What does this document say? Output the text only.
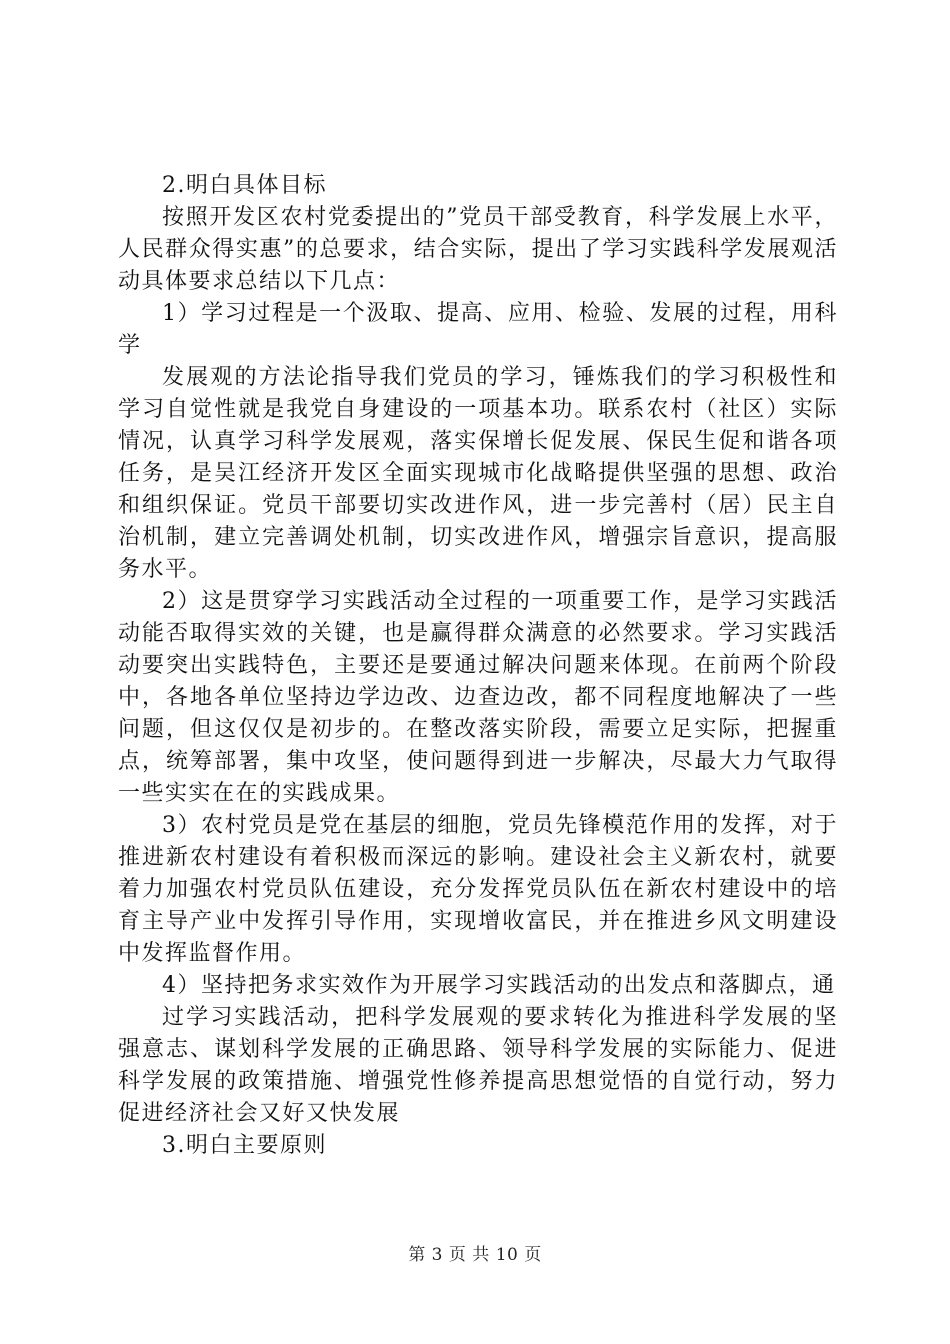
2.明白具体目标

按照开发区农村党委提出的”党员干部受教育，科学发展上水平，人民群众得实惠”的总要求，结合实际，提出了学习实践科学发展观活动具体要求总结以下几点：

1）学习过程是一个汲取、提高、应用、检验、发展的过程，用科学

发展观的方法论指导我们党员的学习，锤炼我们的学习积极性和学习自觉性就是我党自身建设的一项基本功。联系农村（社区）实际情况，认真学习科学发展观，落实保增长促发展、保民生促和谐各项任务，是吴江经济开发区全面实现城市化战略提供坚强的思想、政治和组织保证。党员干部要切实改进作风，进一步完善村（居）民主自治机制，建立完善调处机制，切实改进作风，增强宗旨意识，提高服务水平。

2）这是贯穿学习实践活动全过程的一项重要工作，是学习实践活动能否取得实效的关键，也是赢得群众满意的必然要求。学习实践活动要突出实践特色，主要还是要通过解决问题来体现。在前两个阶段中，各地各单位坚持边学边改、边查边改，都不同程度地解决了一些问题，但这仅仅是初步的。在整改落实阶段，需要立足实际，把握重点，统筹部署，集中攻坚，使问题得到进一步解决，尽最大力气取得一些实实在在的实践成果。

3）农村党员是党在基层的细胞，党员先锋模范作用的发挥，对于推进新农村建设有着积极而深远的影响。建设社会主义新农村，就要着力加强农村党员队伍建设，充分发挥党员队伍在新农村建设中的培育主导产业中发挥引导作用，实现增收富民，并在推进乡风文明建设中发挥监督作用。

4）坚持把务求实效作为开展学习实践活动的出发点和落脚点，通

过学习实践活动，把科学发展观的要求转化为推进科学发展的坚强意志、谋划科学发展的正确思路、领导科学发展的实际能力、促进科学发展的政策措施、增强党性修养提高思想觉悟的自觉行动，努力促进经济社会又好又快发展

3.明白主要原则

第 3 页 共 10 页
